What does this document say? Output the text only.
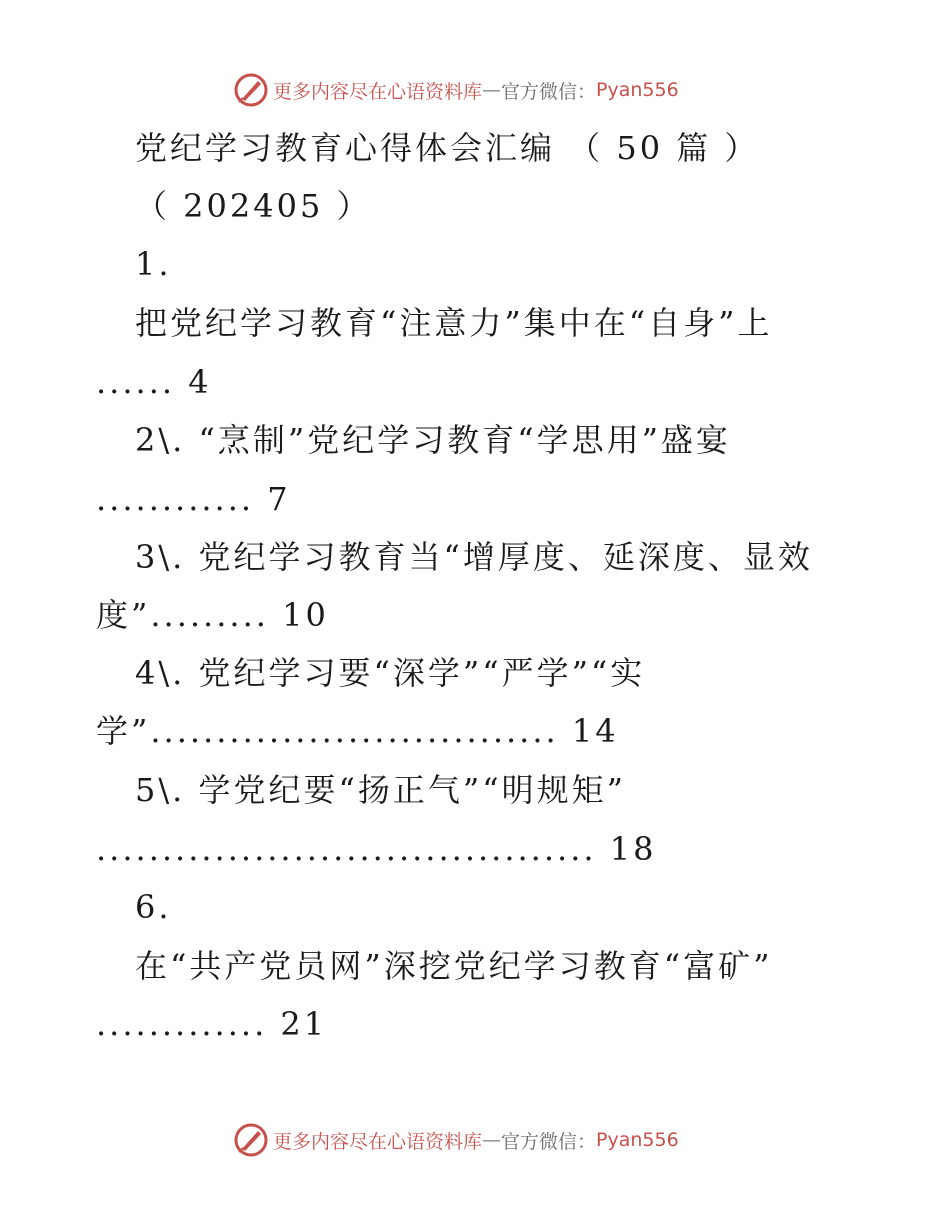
更多内容尽在心语资料库 — 官方微信： Pyan556
党纪学习教育心得体会汇编 （ 50 篇 ）
（ 202405 ）
1.
把党纪学习教育“注意力”集中在“自身”上
...... 4
2\. “烹制”党纪学习教育“学思用”盛宴
............ 7
3\. 党纪学习教育当“增厚度、延深度、显效
度”......... 10
4\. 党纪学习要“深学”“严学”“实
学”............................... 14
5\. 学党纪要“扬正气”“明规矩”
...................................... 18
6.
在“共产党员网”深挖党纪学习教育“富矿”
............. 21
更多内容尽在心语资料库 — 官方微信： Pyan556
